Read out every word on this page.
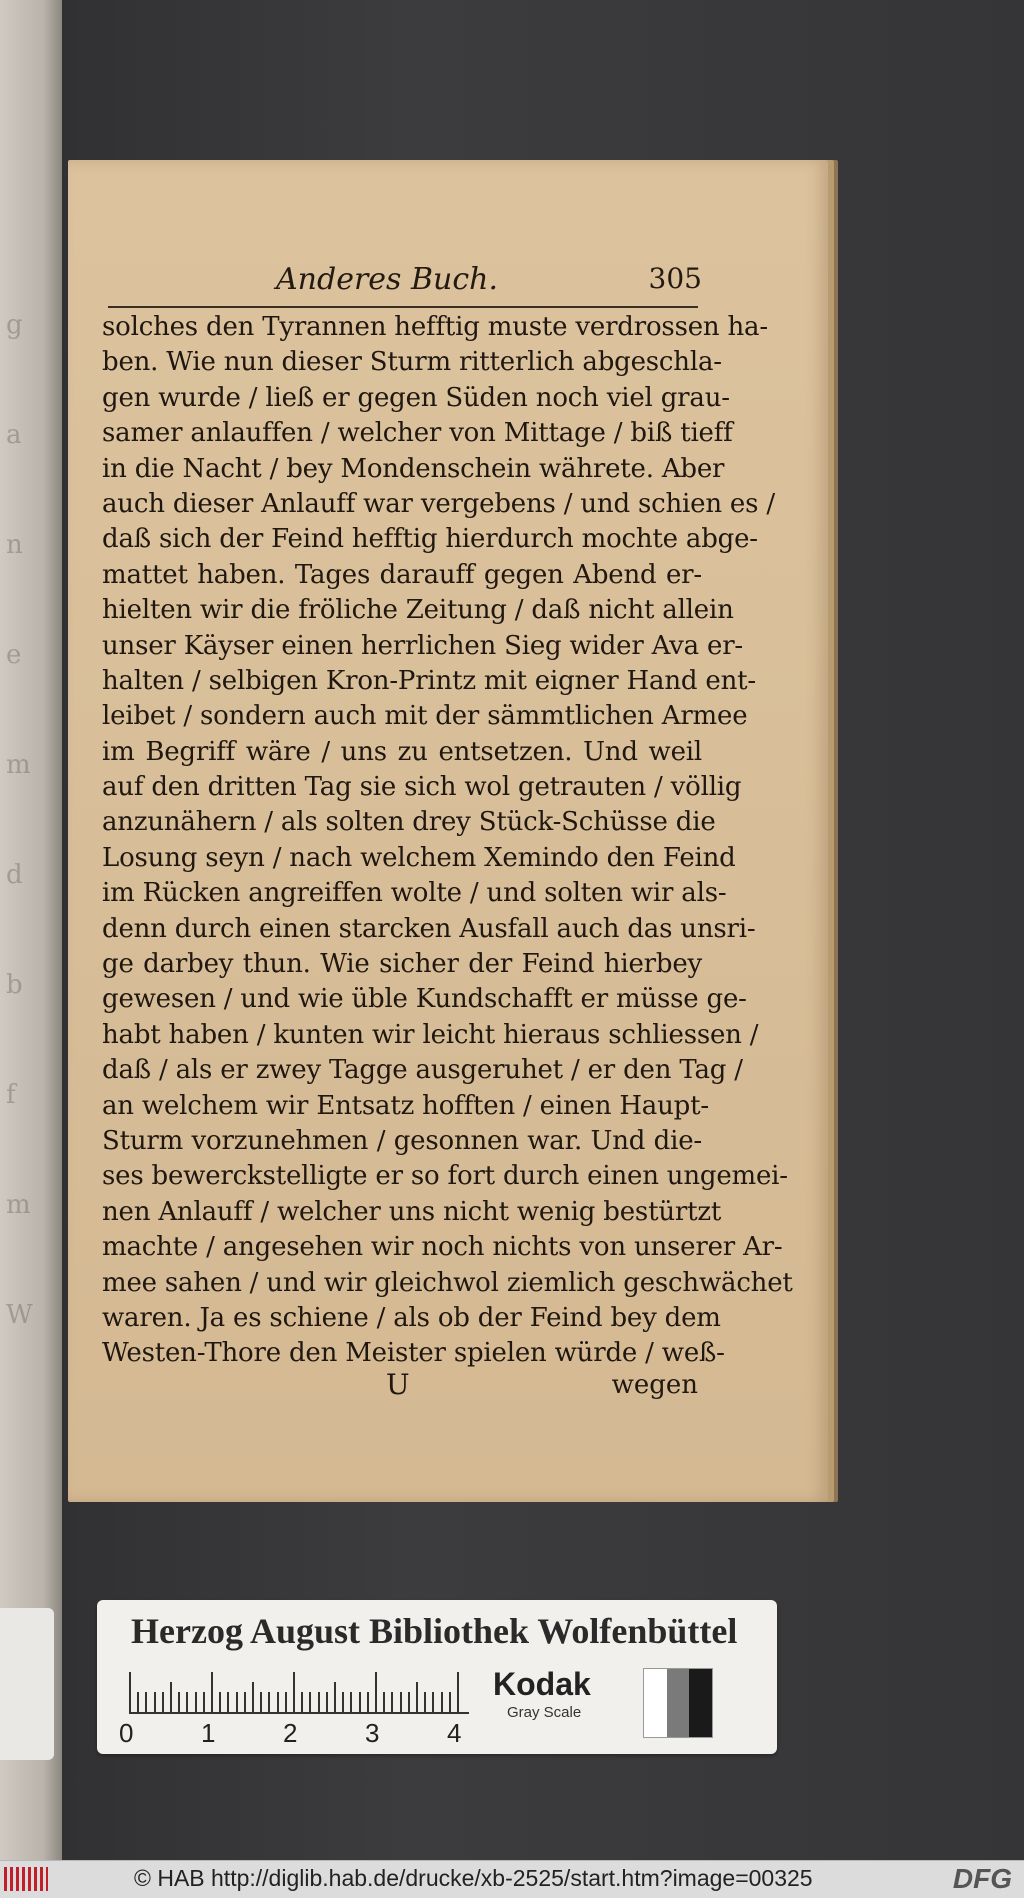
g
a
n
e
m
d
b
f
m
W
Anderes Buch.	305
solches den Tyrannen hefftig muste verdrossen ha-
ben. Wie nun dieser Sturm ritterlich abgeschla-
gen wurde / ließ er gegen Süden noch viel grau-
samer anlauffen / welcher von Mittage / biß tieff
in die Nacht / bey Mondenschein währete. Aber
auch dieser Anlauff war vergebens / und schien es /
daß sich der Feind hefftig hierdurch mochte abge-
mattet haben. Tages darauff gegen Abend er-
hielten wir die fröliche Zeitung / daß nicht allein
unser Käyser einen herrlichen Sieg wider Ava er-
halten / selbigen Kron-Printz mit eigner Hand ent-
leibet / sondern auch mit der sämmtlichen Armee
im Begriff wäre / uns zu entsetzen. Und weil
auf den dritten Tag sie sich wol getrauten / völlig
anzunähern / als solten drey Stück-Schüsse die
Losung seyn / nach welchem Xemindo den Feind
im Rücken angreiffen wolte / und solten wir als-
denn durch einen starcken Ausfall auch das unsri-
ge darbey thun. Wie sicher der Feind hierbey
gewesen / und wie üble Kundschafft er müsse ge-
habt haben / kunten wir leicht hieraus schliessen /
daß / als er zwey Tagge ausgeruhet / er den Tag /
an welchem wir Entsatz hofften / einen Haupt-
Sturm vorzunehmen / gesonnen war. Und die-
ses bewerckstelligte er so fort durch einen ungemei-
nen Anlauff / welcher uns nicht wenig bestürtzt
machte / angesehen wir noch nichts von unserer Ar-
mee sahen / und wir gleichwol ziemlich geschwächet
waren. Ja es schiene / als ob der Feind bey dem
Westen-Thore den Meister spielen würde / weß-
U	wegen
Herzog August Bibliothek Wolfenbüttel
0	1	2	3	4
Kodak
Gray Scale
© HAB http://diglib.hab.de/drucke/xb-2525/start.htm?image=00325	DFG
